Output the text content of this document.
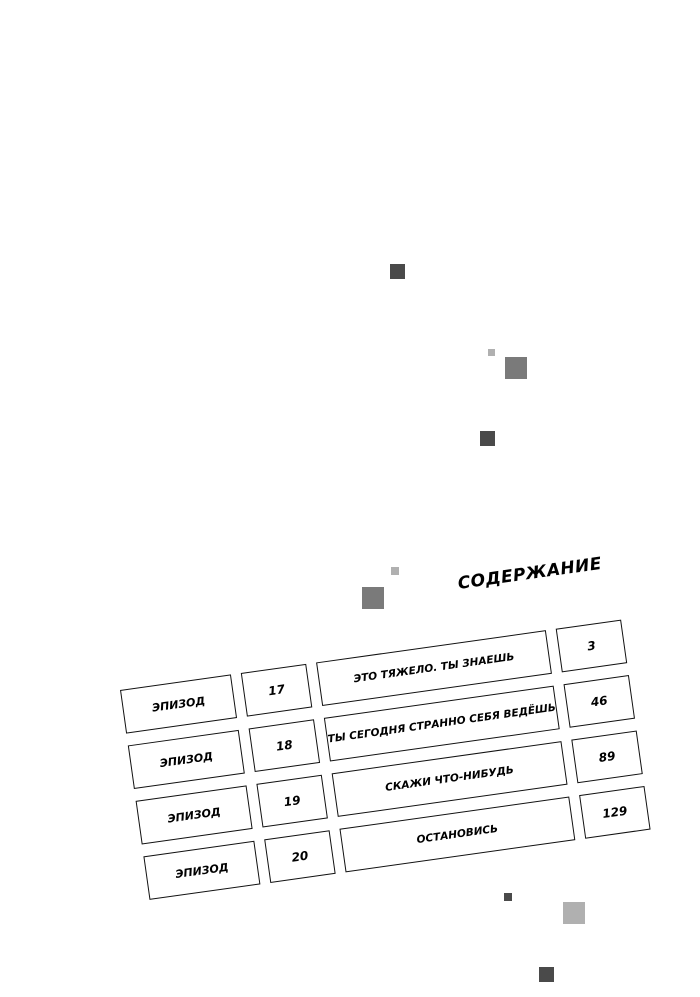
СОДЕРЖАНИЕ
ЭПИЗОД
17
ЭТО ТЯЖЕЛО. ТЫ ЗНАЕШЬ
3
ЭПИЗОД
18
ТЫ СЕГОДНЯ СТРАННО СЕБЯ ВЕДЁШЬ
46
ЭПИЗОД
19
СКАЖИ ЧТО-НИБУДЬ
89
ЭПИЗОД
20
ОСТАНОВИСЬ
129
